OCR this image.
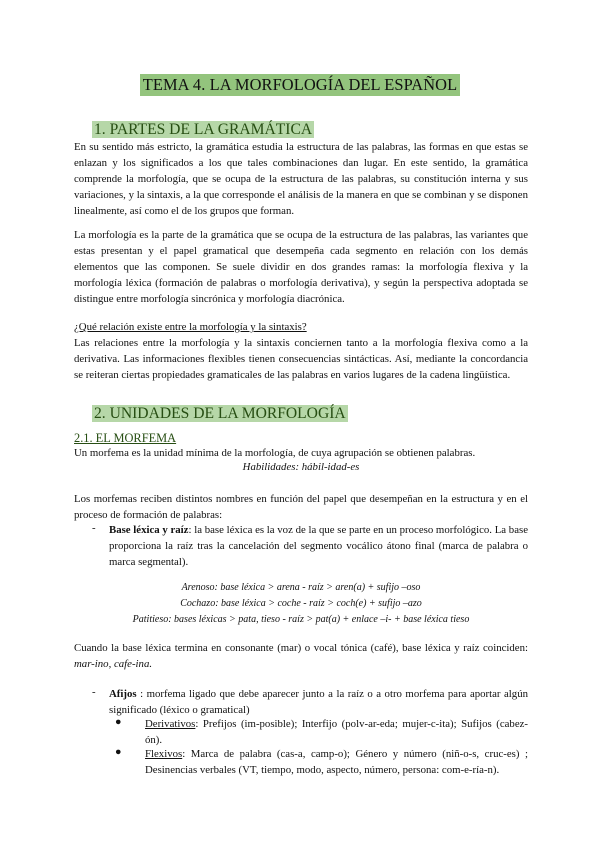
TEMA 4. LA MORFOLOGÍA DEL ESPAÑOL
1. PARTES DE LA GRAMÁTICA

En su sentido más estricto, la gramática estudia la estructura de las palabras, las formas en que estas se enlazan y los significados a los que tales combinaciones dan lugar. En este sentido, la gramática comprende la morfología, que se ocupa de la estructura de las palabras, su constitución interna y sus variaciones, y la sintaxis, a la que corresponde el análisis de la manera en que se combinan y se disponen linealmente, así como el de los grupos que forman.

La morfología es la parte de la gramática que se ocupa de la estructura de las palabras, las variantes que estas presentan y el papel gramatical que desempeña cada segmento en relación con los demás elementos que las componen. Se suele dividir en dos grandes ramas: la morfología flexiva y la morfología léxica (formación de palabras o morfología derivativa), y según la perspectiva adoptada se distingue entre morfología sincrónica y morfología diacrónica.

¿Qué relación existe entre la morfología y la sintaxis?

Las relaciones entre la morfología y la sintaxis conciernen tanto a la morfología flexiva como a la derivativa. Las informaciones flexibles tienen consecuencias sintácticas. Así, mediante la concordancia se reiteran ciertas propiedades gramaticales de las palabras en varios lugares de la cadena lingüística.

2. UNIDADES DE LA MORFOLOGÍA
2.1. EL MORFEMA

Un morfema es la unidad mínima de la morfología, de cuya agrupación se obtienen palabras.

Habilidades: hábil-idad-es

Los morfemas reciben distintos nombres en función del papel que desempeñan en la estructura y en el proceso de formación de palabras:

- Base léxica y raíz: la base léxica es la voz de la que se parte en un proceso morfológico. La base proporciona la raíz tras la cancelación del segmento vocálico átono final (marca de palabra o marca segmental).

Arenoso: base léxica > arena - raíz > aren(a) + sufijo –oso
Cochazo: base léxica > coche - raíz > coch(e) + sufijo –azo
Patitieso: bases léxicas > pata, tieso - raíz > pat(a) + enlace –i- + base léxica tieso

Cuando la base léxica termina en consonante (mar) o vocal tónica (café), base léxica y raíz coinciden: mar-ino, cafe-ina.

- Afijos : morfema ligado que debe aparecer junto a la raíz o a otro morfema para aportar algún significado (léxico o gramatical)

● Derivativos: Prefijos (im-posible); Interfijo (polv-ar-eda; mujer-c-ita); Sufijos (cabez-ón).

● Flexivos: Marca de palabra (cas-a, camp-o); Género y número (niñ-o-s, cruc-es) ; Desinencias verbales (VT, tiempo, modo, aspecto, número, persona: com-e-ría-n).
